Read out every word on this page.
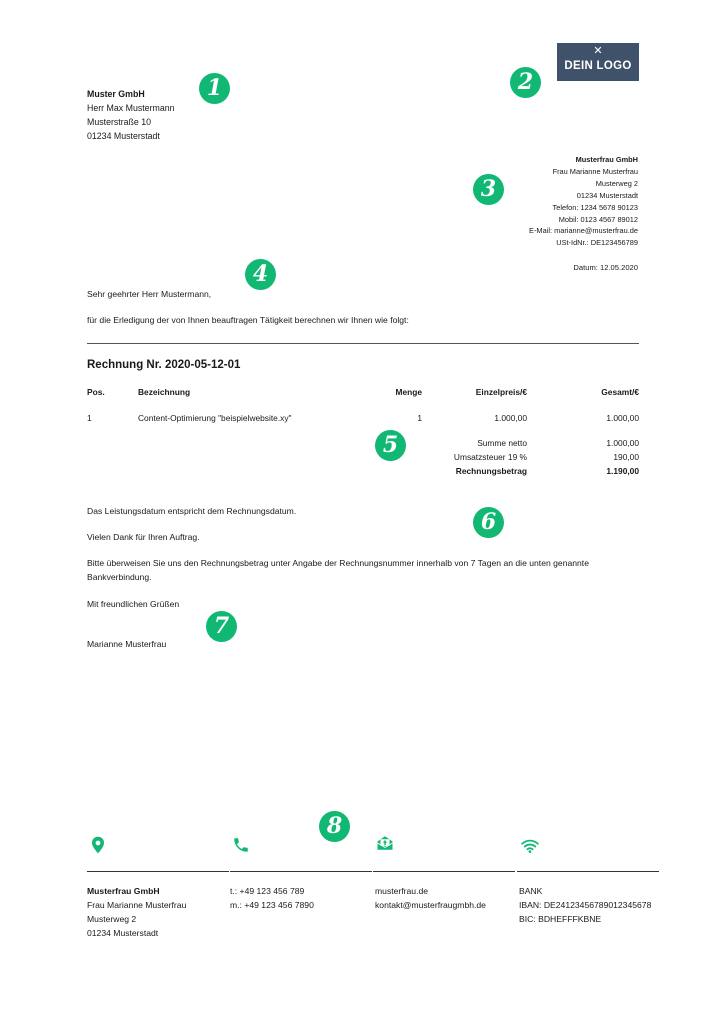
Muster GmbH
Herr Max Mustermann
Musterstraße 10
01234 Musterstadt
✕
DEIN LOGO
1	2
3
4
5
6
7
8
Musterfrau GmbH
Frau Marianne Musterfrau
Musterweg 2
01234 Musterstadt
Telefon: 1234 5678 90123
Mobil: 0123 4567 89012
E-Mail: marianne@musterfrau.de
USt-IdNr.: DE123456789
Datum: 12.05.2020
Sehr geehrter Herr Mustermann,
für die Erledigung der von Ihnen beauftragen Tätigkeit berechnen wir Ihnen wie folgt:
Rechnung Nr. 2020-05-12-01
Pos.	Bezeichnung	Menge	Einzelpreis/€	Gesamt/€
1	Content-Optimierung "beispielwebsite.xy"	1	1.000,00	1.000,00
Summe netto	1.000,00
Umsatzsteuer 19 %	190,00
Rechnungsbetrag	1.190,00
Das Leistungsdatum entspricht dem Rechnungsdatum.
Vielen Dank für Ihren Auftrag.
Bitte überweisen Sie uns den Rechnungsbetrag unter Angabe der Rechnungsnummer innerhalb von 7 Tagen an die unten genannte
Bankverbindung.
Mit freundlichen Grüßen
Marianne Musterfrau
Musterfrau GmbH
Frau Marianne Musterfrau
Musterweg 2
01234 Musterstadt
t.: +49 123 456 789
m.: +49 123 456 7890
musterfrau.de
kontakt@musterfraugmbh.de
BANK
IBAN: DE24123456789012345678
BIC: BDHEFFFKBNE
